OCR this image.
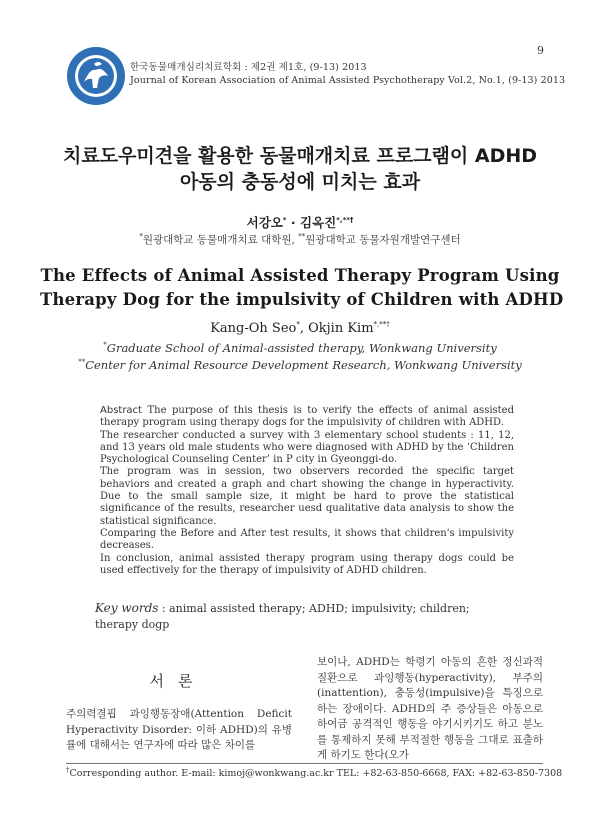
한국동물매개심리치료학회 : 제2권 제1호, (9-13) 2013
Journal of Korean Association of Animal Assisted Psychotherapy Vol.2, No.1, (9-13) 2013
9
치료도우미견을 활용한 동물매개치료 프로그램이 ADHD
아동의 충동성에 미치는 효과
서강오* · 김옥진*,**†
*원광대학교 동물매개치료 대학원, **원광대학교 동물자원개발연구센터
The Effects of Animal Assisted Therapy Program Using
Therapy Dog for the impulsivity of Children with ADHD
Kang-Oh Seo*, Okjin Kim*,**†
*Graduate School of Animal-assisted therapy, Wonkwang University
**Center for Animal Resource Development Research, Wonkwang University

Abstract The purpose of this thesis is to verify the effects of animal assisted therapy program using therapy dogs for the impulsivity of children with ADHD.

The researcher conducted a survey with 3 elementary school students : 11, 12, and 13 years old male students who were diagnosed with ADHD by the ‘Children Psychological Counseling Center’ in P city in Gyeonggi-do.

The program was in session, two observers recorded the specific target behaviors and created a graph and chart showing the change in hyperactivity. Due to the small sample size, it might be hard to prove the statistical significance of the results, researcher uesd qualitative data analysis to show the statistical significance.

Comparing the Before and After test results, it shows that children's impulsivity decreases.

In conclusion, animal assisted therapy program using therapy dogs could be used effectively for the therapy of impulsivity of ADHD children.

Key words : animal assisted therapy; ADHD; impulsivity; children; therapy dogp
서론

주의력결핍 과잉행동장애(Attention Deficit Hyperactivity Disorder: 이하 ADHD)의 유병률에 대해서는 연구자에 따라 많은 차이를

보이나, ADHD는 학령기 아동의 흔한 정신과적 질환으로 과잉행동(hyperactivity), 부주의(inattention), 충동성(impulsive)을 특징으로 하는 장애이다. ADHD의 주 증상들은 아동으로 하여금 공격적인 행동을 야기시키기도 하고 분노를 통제하지 못해 부적절한 행동을 그대로 표출하게 하기도 한다(오가

†Corresponding author. E-mail: kimoj@wonkwang.ac.kr TEL: +82-63-850-6668, FAX: +82-63-850-7308
